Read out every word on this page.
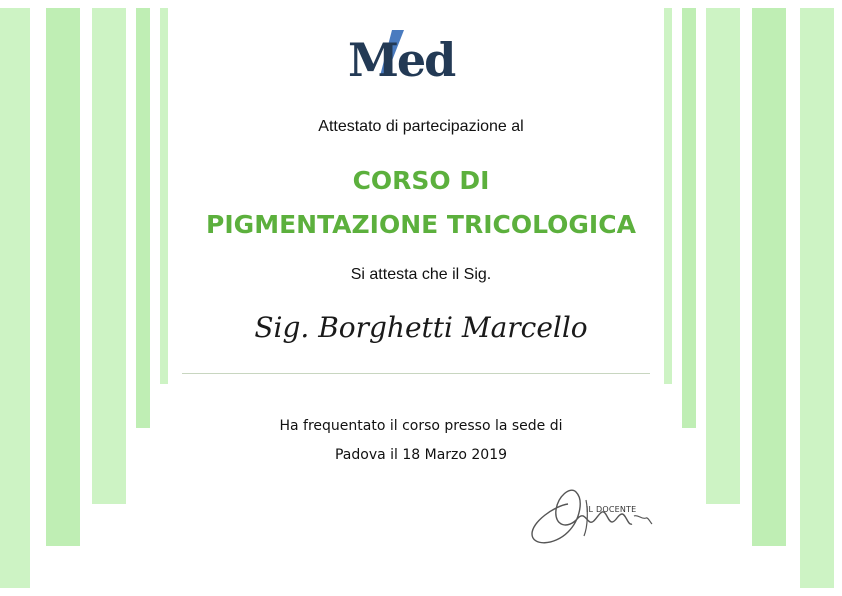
Med
Attestato di partecipazione al
CORSO DI
PIGMENTAZIONE TRICOLOGICA
Si attesta che il Sig.
Sig. Borghetti Marcello
Ha frequentato il corso presso la sede di
Padova il 18 Marzo 2019
IL DOCENTE
